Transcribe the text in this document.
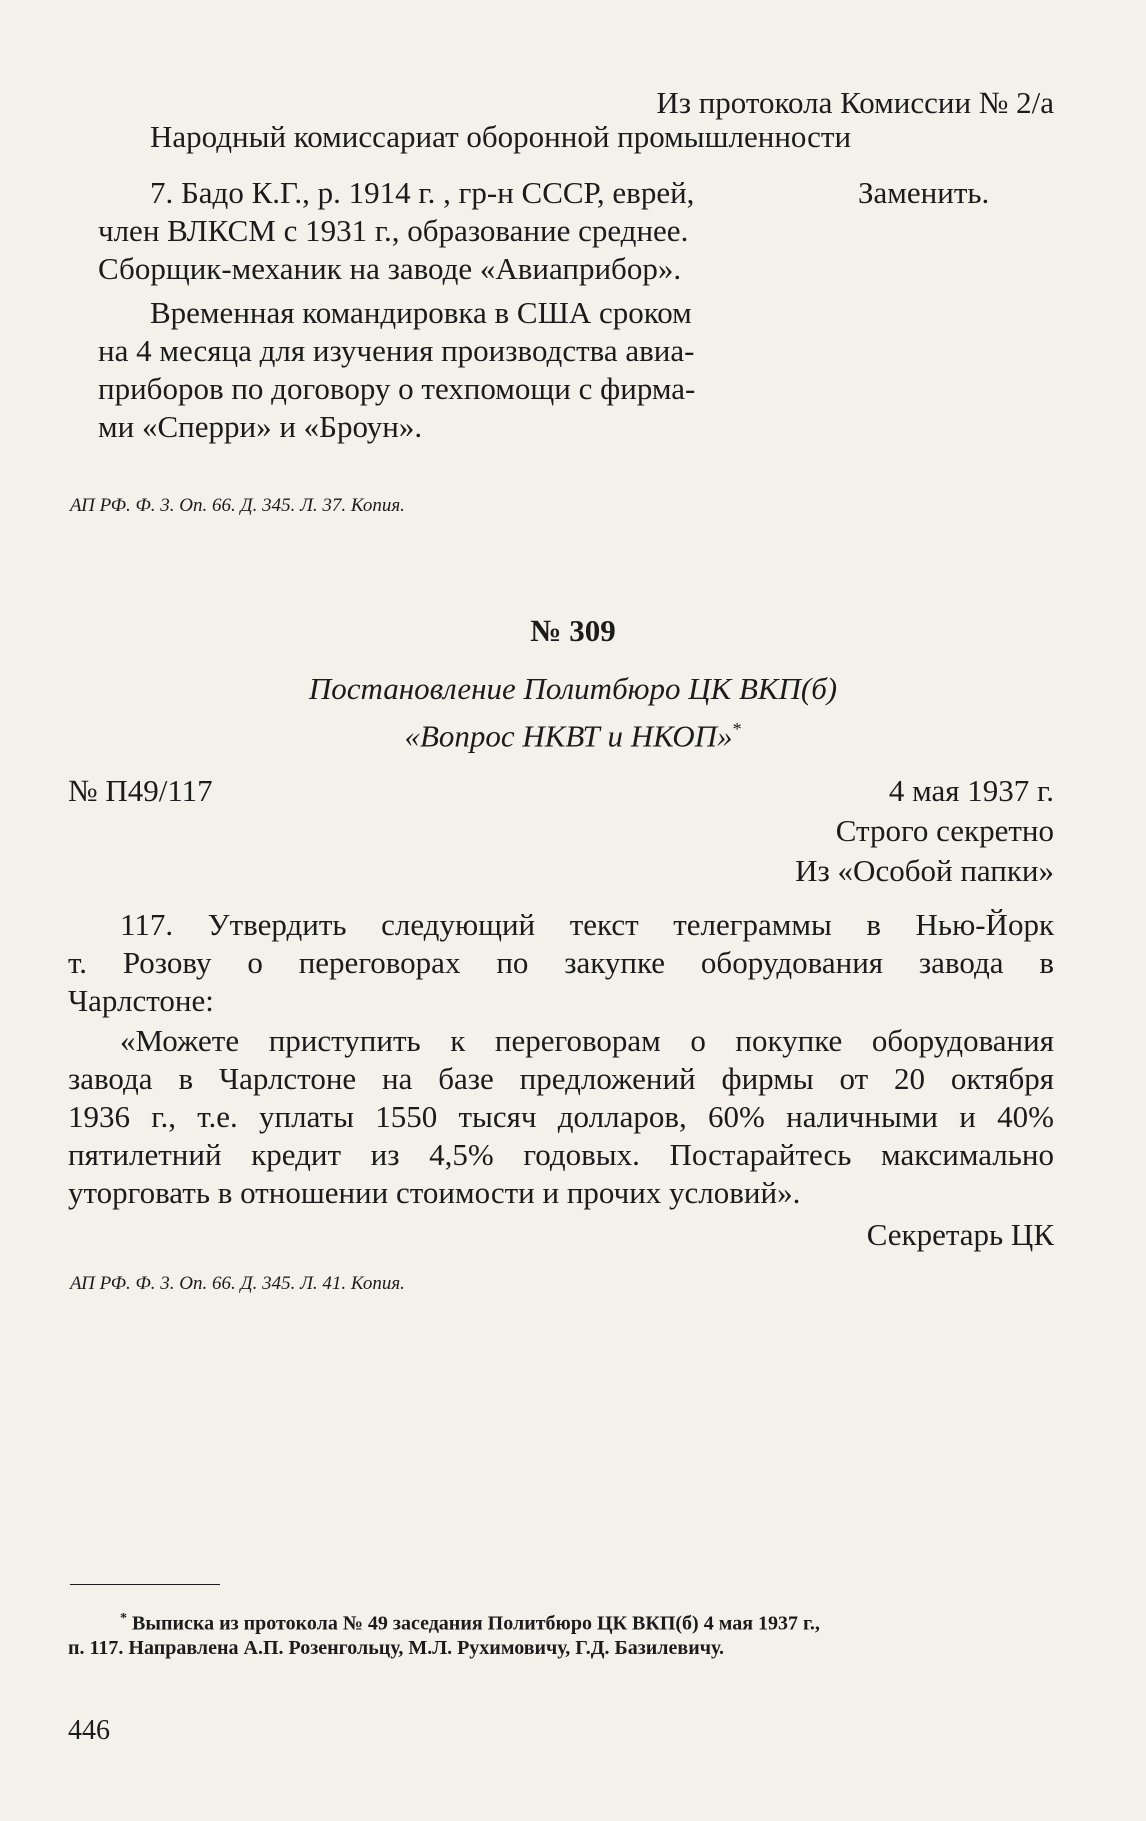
Из протокола Комиссии № 2/а
Народный комиссариат оборонной промышленности
7. Бадо К.Г., р. 1914 г. , гр-н СССР, еврей,	Заменить.
член ВЛКСМ с 1931 г., образование среднее.
Сборщик-механик на заводе «Авиаприбор».
Временная командировка в США сроком
на 4 месяца для изучения производства авиа-
приборов по договору о техпомощи с фирма-
ми «Сперри» и «Броун».
АП РФ. Ф. 3. Оп. 66. Д. 345. Л. 37. Копия.
№ 309
Постановление Политбюро ЦК ВКП(б)
«Вопрос НКВТ и НКОП»*
№ П49/117	4 мая 1937 г.
Строго секретно
Из «Особой папки»
117. Утвердить следующий текст телеграммы в Нью-Йорк
т. Розову о переговорах по закупке оборудования завода в
Чарлстоне:
«Можете приступить к переговорам о покупке оборудования
завода в Чарлстоне на базе предложений фирмы от 20 октября
1936 г., т.е. уплаты 1550 тысяч долларов, 60% наличными и 40%
пятилетний кредит из 4,5% годовых. Постарайтесь максимально
уторговать в отношении стоимости и прочих условий».
Секретарь ЦК
АП РФ. Ф. 3. Оп. 66. Д. 345. Л. 41. Копия.
* Выписка из протокола № 49 заседания Политбюро ЦК ВКП(б) 4 мая 1937 г.,
п. 117. Направлена А.П. Розенгольцу, М.Л. Рухимовичу, Г.Д. Базилевичу.
446
